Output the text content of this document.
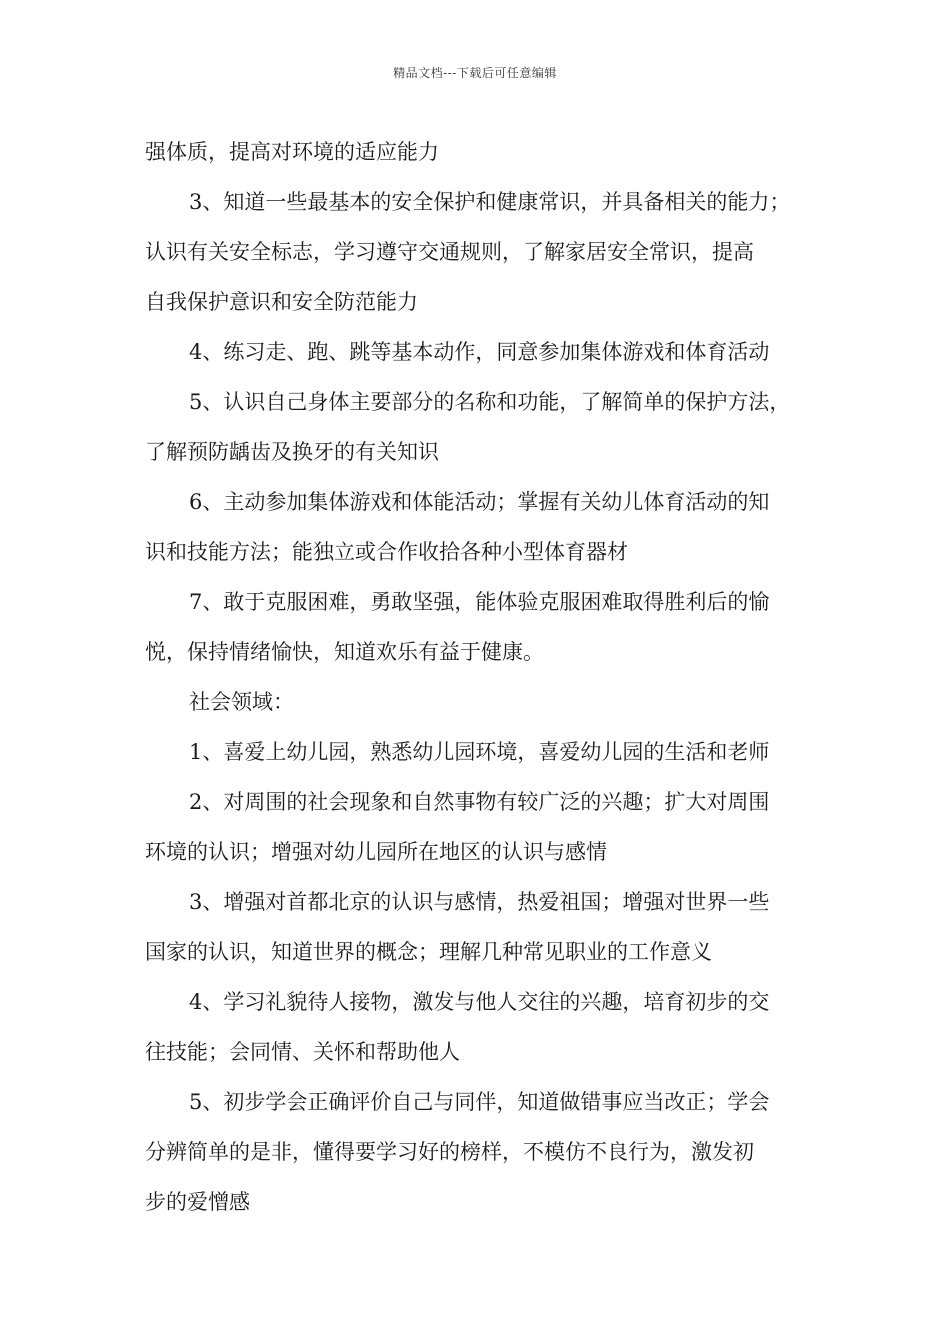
精品文档---下载后可任意编辑
强体质，提高对环境的适应能力
3、知道一些最基本的安全保护和健康常识，并具备相关的能力；
认识有关安全标志，学习遵守交通规则，了解家居安全常识，提高
自我保护意识和安全防范能力
4、练习走、跑、跳等基本动作，同意参加集体游戏和体育活动
5、认识自己身体主要部分的名称和功能，了解简单的保护方法，
了解预防龋齿及换牙的有关知识
6、主动参加集体游戏和体能活动；掌握有关幼儿体育活动的知
识和技能方法；能独立或合作收拾各种小型体育器材
7、敢于克服困难，勇敢坚强，能体验克服困难取得胜利后的愉
悦，保持情绪愉快，知道欢乐有益于健康。
社会领域：
1、喜爱上幼儿园，熟悉幼儿园环境，喜爱幼儿园的生活和老师
2、对周围的社会现象和自然事物有较广泛的兴趣；扩大对周围
环境的认识；增强对幼儿园所在地区的认识与感情
3、增强对首都北京的认识与感情，热爱祖国；增强对世界一些
国家的认识，知道世界的概念；理解几种常见职业的工作意义
4、学习礼貌待人接物，激发与他人交往的兴趣，培育初步的交
往技能；会同情、关怀和帮助他人
5、初步学会正确评价自己与同伴，知道做错事应当改正；学会
分辨简单的是非，懂得要学习好的榜样，不模仿不良行为，激发初
步的爱憎感
